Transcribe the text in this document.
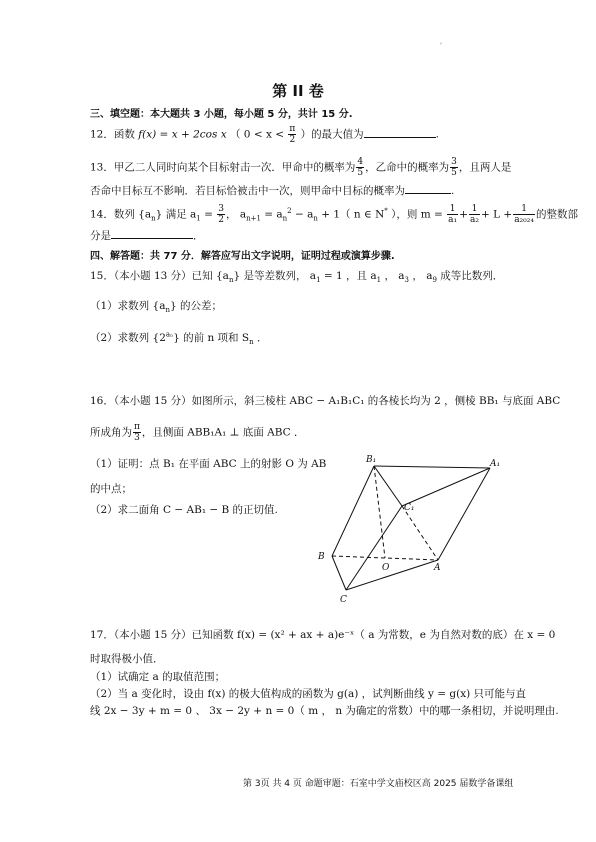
'
第 II 卷
三、填空题：本大题共 3 小题，每小题 5 分，共计 15 分.
12．函数 f(x) = x + 2cos x （ $0 < x < \frac{\pi}{2}$ ）的最大值为	.
13．甲乙二人同时向某个目标射击一次．甲命中的概率为 $\frac{4}{5}$ ，乙命中的概率为 $\frac{3}{5}$ ，且两人是
否命中目标互不影响．若目标恰被击中一次，则甲命中目标的概率为	.
14．数列 $\{a_n\}$ 满足 $a_1 = \frac{3}{2}$ ， $a_{n+1} = a_n^2 - a_n + 1$（ n ∈ N* ），则 $m = \frac{1}{\text{a₁}} + \frac{1}{\text{a₂}} + L + \frac{1}{\text{a₂₀₂₄}}$ 的整数部
分是	．
四、解答题：共 77 分．解答应写出文字说明，证明过程或演算步骤.
15．（本小题 13 分）已知 $\{a_n\}$ 是等差数列， $a_1 = 1$ ，且 $a_1$ ， $a_3$ ， $a_9$ 成等比数列．
（1）求数列 $\{a_n\}$ 的公差；
（2）求数列 $\{2^{a_n}\}$ 的前 n 项和 $S_n$ ．
16．（本小题 15 分）如图所示，斜三棱柱 ABC − A₁B₁C₁ 的各棱长均为 2 ，侧棱 BB₁ 与底面 ABC
所成角为 $\frac{\pi}{3}$ ，且侧面 ABB₁A₁ ⊥ 底面 ABC ．
（1）证明：点 B₁ 在平面 ABC 上的射影 O 为 AB
的中点；
（2）求二面角 C − AB₁ − B 的正切值.
B₁	A₁
C₁
B
O	A
C
17．（本小题 15 分）已知函数 f(x) = (x² + ax + a)e⁻ˣ（ a 为常数，e 为自然对数的底）在 x = 0
时取得极小值．
（1）试确定 a 的取值范围；
（2）当 a 变化时，设由 f(x) 的极大值构成的函数为 g(a) ，试判断曲线 y = g(x) 只可能与直
线 2x − 3y + m = 0 、 3x − 2y + n = 0（ m ， n 为确定的常数）中的哪一条相切，并说明理由.
第 3页 共 4 页 命题审题：石室中学文庙校区高 2025 届数学备课组
